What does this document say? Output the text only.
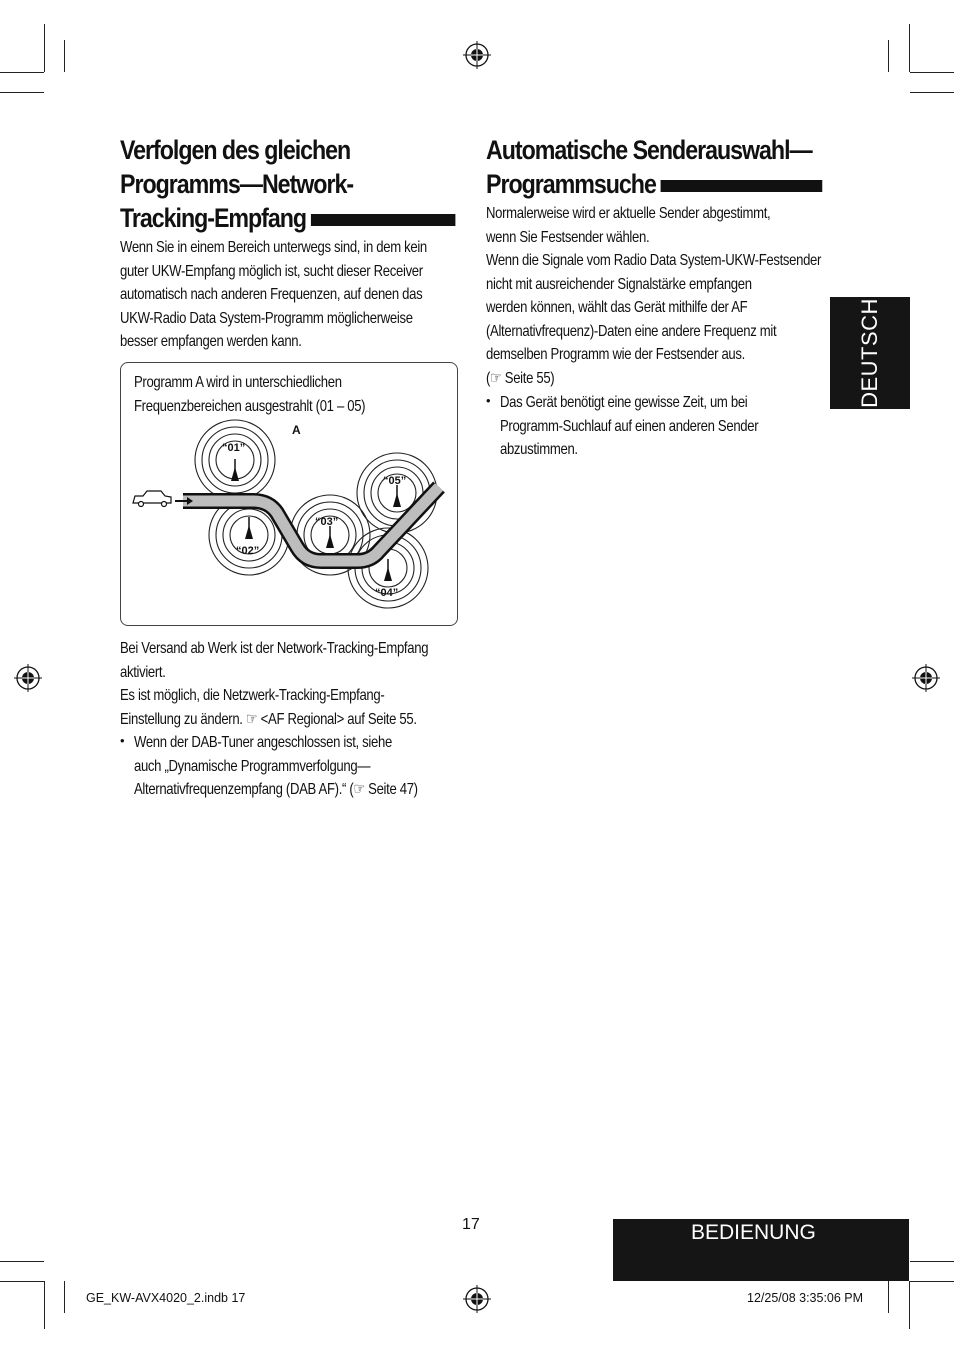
Verfolgen des gleichen
Programms—Network-
Tracking-Empfang
Wenn Sie in einem Bereich unterwegs sind, in dem kein
guter UKW-Empfang möglich ist, sucht dieser Receiver
automatisch nach anderen Frequenzen, auf denen das
UKW-Radio Data System-Programm möglicherweise
besser empfangen werden kann.
Programm A wird in unterschiedlichen
Frequenzbereichen ausgestrahlt (01 – 05)
“01”
“02”
“03”
“04”
“05”
A
Bei Versand ab Werk ist der Network-Tracking-Empfang
aktiviert.
Es ist möglich, die Netzwerk-Tracking-Empfang-
Einstellung zu ändern. ☞ <AF Regional> auf Seite 55.
• Wenn der DAB-Tuner angeschlossen ist, siehe
auch „Dynamische Programmverfolgung—
Alternativfrequenzempfang (DAB AF).“ (☞ Seite 47)
Automatische Senderauswahl—
Programmsuche
Normalerweise wird er aktuelle Sender abgestimmt,
wenn Sie Festsender wählen.
Wenn die Signale vom Radio Data System-UKW-Festsender
nicht mit ausreichender Signalstärke empfangen
werden können, wählt das Gerät mithilfe der AF
(Alternativfrequenz)-Daten eine andere Frequenz mit
demselben Programm wie der Festsender aus.
(☞ Seite 55)
• Das Gerät benötigt eine gewisse Zeit, um bei
Programm-Suchlauf auf einen anderen Sender
abzustimmen.
DEUTSCH
17	BEDIENUNG
GE_KW-AVX4020_2.indb 17	12/25/08 3:35:06 PM
